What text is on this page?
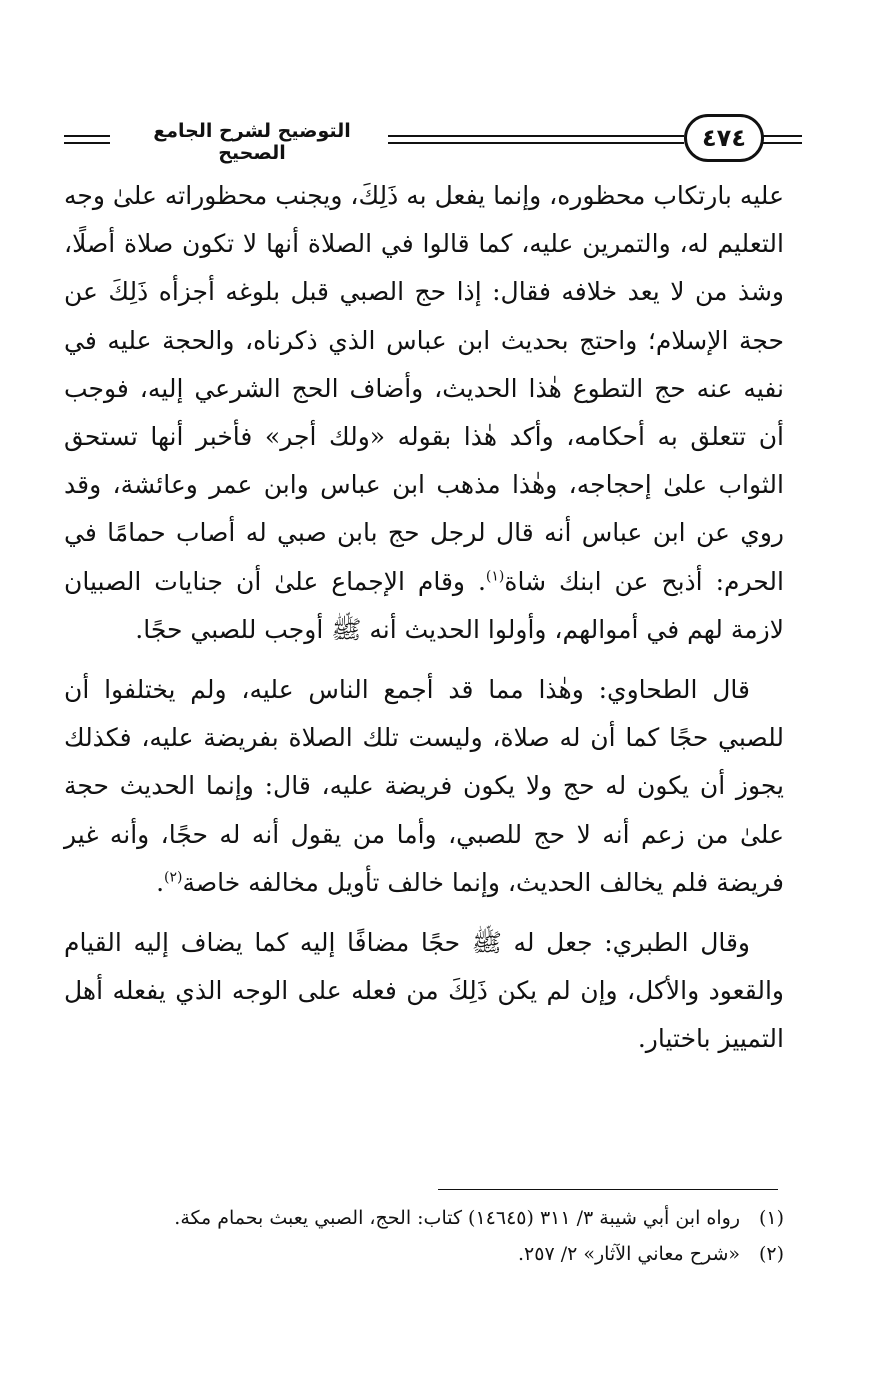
التوضيح لشرح الجامع الصحيح
٤٧٤

عليه بارتكاب محظوره، وإنما يفعل به ذَلِكَ، ويجنب محظوراته علىٰ وجه التعليم له، والتمرين عليه، كما قالوا في الصلاة أنها لا تكون صلاة أصلًا، وشذ من لا يعد خلافه فقال: إذا حج الصبي قبل بلوغه أجزأه ذَلِكَ عن حجة الإسلام؛ واحتج بحديث ابن عباس الذي ذكرناه، والحجة عليه في نفيه عنه حج التطوع هٰذا الحديث، وأضاف الحج الشرعي إليه، فوجب أن تتعلق به أحكامه، وأكد هٰذا بقوله «ولك أجر» فأخبر أنها تستحق الثواب علىٰ إحجاجه، وهٰذا مذهب ابن عباس وابن عمر وعائشة، وقد روي عن ابن عباس أنه قال لرجل حج بابن صبي له أصاب حمامًا في الحرم: أذبح عن ابنك شاة$^{(١)}$. وقام الإجماع علىٰ أن جنايات الصبيان لازمة لهم في أموالهم، وأولوا الحديث أنه ﷺ أوجب للصبي حجًا.

قال الطحاوي: وهٰذا مما قد أجمع الناس عليه، ولم يختلفوا أن للصبي حجًا كما أن له صلاة، وليست تلك الصلاة بفريضة عليه، فكذلك يجوز أن يكون له حج ولا يكون فريضة عليه، قال: وإنما الحديث حجة علىٰ من زعم أنه لا حج للصبي، وأما من يقول أنه له حجًا، وأنه غير فريضة فلم يخالف الحديث، وإنما خالف تأويل مخالفه خاصة$^{(٢)}$.

وقال الطبري: جعل له ﷺ حجًا مضافًا إليه كما يضاف إليه القيام والقعود والأكل، وإن لم يكن ذَلِكَ من فعله على الوجه الذي يفعله أهل التمييز باختيار.

(١)
رواه ابن أبي شيبة ٣/ ٣١١ (١٤٦٤٥) كتاب: الحج، الصبي يعبث بحمام مكة.
(٢)
«شرح معاني الآثار» ٢/ ٢٥٧.
